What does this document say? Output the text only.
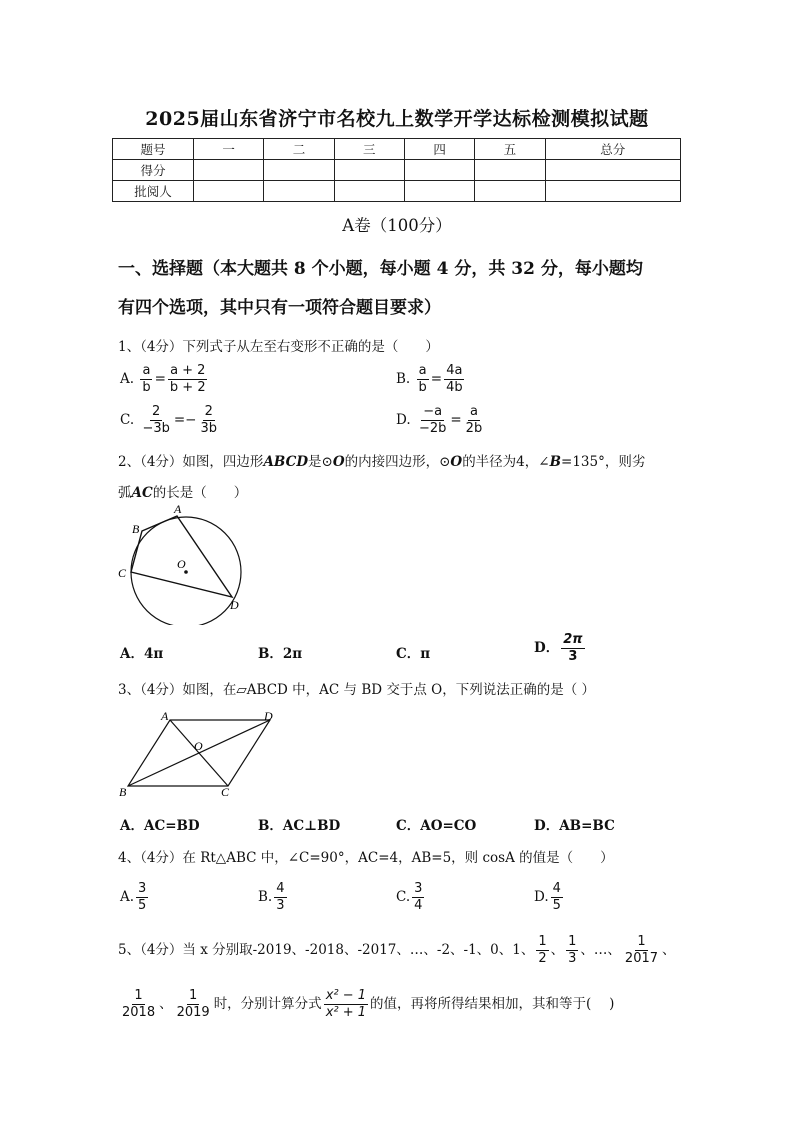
2025届山东省济宁市名校九上数学开学达标检测模拟试题
题号	一	二	三	四	五	总分
得分						
批阅人						
A卷（100分）
一、选择题（本大题共 8 个小题，每小题 4 分，共 32 分，每小题均
有四个选项，其中只有一项符合题目要求）
1、（4分）下列式子从左至右变形不正确的是（　　）
A. $\frac{a}{b} = \frac{a + 2}{b + 2}$	B. $\frac{a}{b} = \frac{4a}{4b}$
C. $\frac{2}{-3b} =- \frac{2}{3b}$	D. $\frac{-a}{-2b} = \frac{a}{2b}$
2、（4分）如图，四边形ABCD是⊙O的内接四边形，⊙O的半径为4，∠B=135°，则劣
弧AC的长是（　　）
A
B
C
D
O
A．4π	B．2π	C．π	D． $\frac{2\pi}{3}$
3、（4分）如图，在▱ABCD 中，AC 与 BD 交于点 O，下列说法正确的是（ ）
A	D
B	C
O
A．AC=BD	B．AC⊥BD	C．AO=CO	D．AB=BC
4、（4分）在 Rt△ABC 中，∠C=90°，AC=4，AB=5，则 cosA 的值是（　　）
A. $\frac{3}{5}$	B. $\frac{4}{3}$	C. $\frac{3}{4}$	D. $\frac{4}{5}$
5、（4分）当 x 分别取-2019、-2018、-2017、…、-2、-1、0、1、 $\frac{1}{2}$ 、 $\frac{1}{3}$ 、…、 $\frac{1}{2017}$ 、
$\frac{1}{2018}$ 、 $\frac{1}{2019}$ 时，分别计算分式 $\frac{\text{x² − 1}}{\text{x² + 1}}$ 的值，再将所得结果相加，其和等于(　 )
